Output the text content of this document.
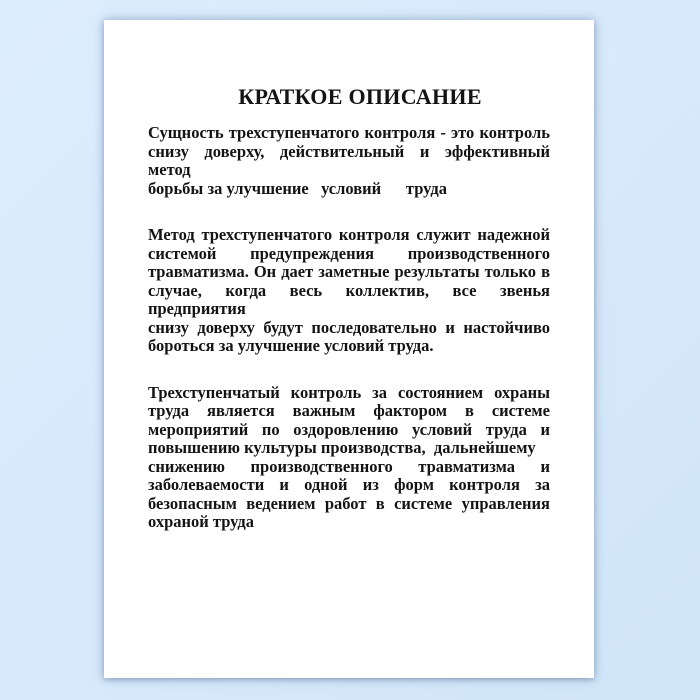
КРАТКОЕ ОПИСАНИЕ
Сущность трехступенчатого контроля - это контроль
снизу доверху, действительный и эффективный метод
борьбы за улучшение   условий      труда
Метод трехступенчатого контроля служит надежной
системой предупреждения производственного
травматизма. Он дает заметные результаты только в
случае, когда весь коллектив, все звенья предприятия
снизу доверху будут последовательно и настойчиво
бороться за улучшение условий труда.
Трехступенчатый контроль за состоянием охраны
труда является важным фактором в системе
мероприятий по оздоровлению условий труда и
повышению культуры производства,  дальнейшему
снижению производственного травматизма и
заболеваемости и одной из форм контроля за
безопасным ведением работ в системе управления
охраной труда
